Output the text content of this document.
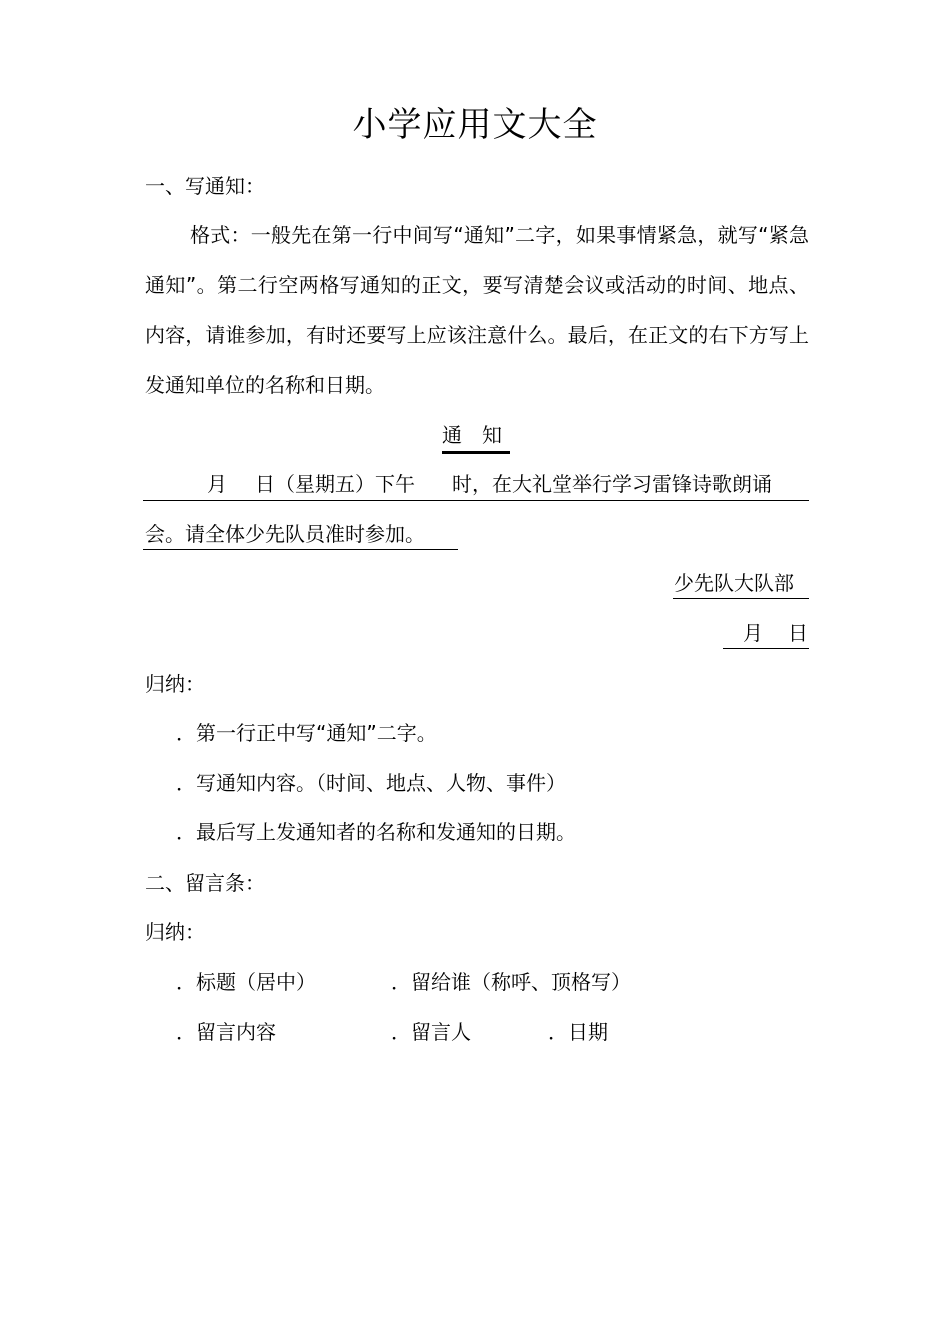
小学应用文大全
一、写通知：
格式：一般先在第一行中间写“通知”二字，如果事情紧急，就写“紧急通知”。第二行空两格写通知的正文，要写清楚会议或活动的时间、地点、内容，请谁参加，有时还要写上应该注意什么。最后，在正文的右下方写上发通知单位的名称和日期。
通　知
月 日（星期五）下午 时，在大礼堂举行学习雷锋诗歌朗诵
会。请全体少先队员准时参加。
少先队大队部
月 日
归纳：
．第一行正中写“通知”二字。
．写通知内容。（时间、地点、人物、事件）
．最后写上发通知者的名称和发通知的日期。
二、留言条：
归纳：
．标题（居中）	．留给谁（称呼、顶格写）
．留言内容	．留言人	．日期
